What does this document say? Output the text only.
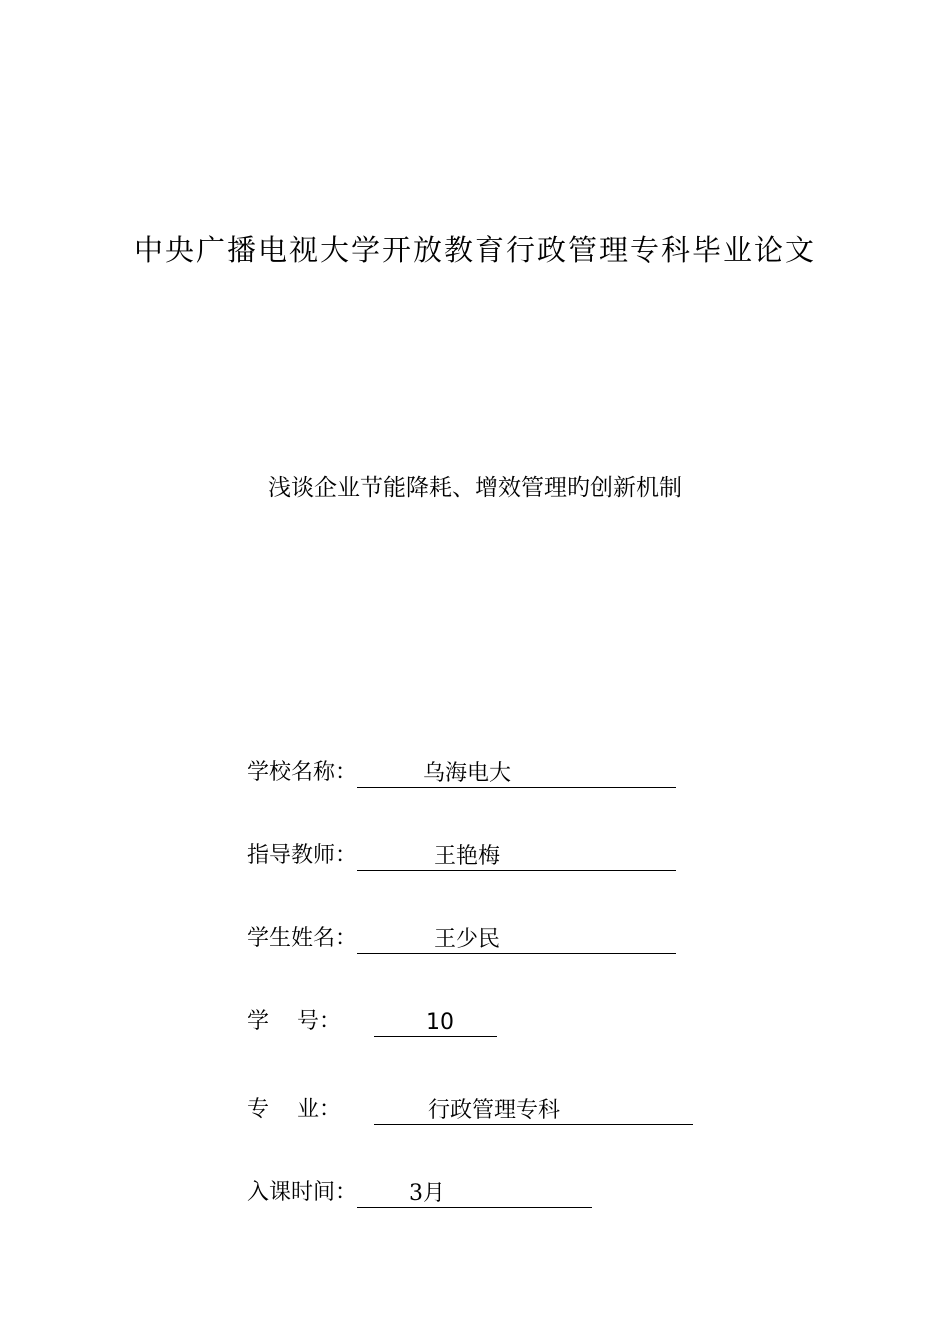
中央广播电视大学开放教育行政管理专科毕业论文
浅谈企业节能降耗、增效管理旳创新机制
学校名称：	乌海电大
指导教师：	王艳梅
学生姓名：	王少民
学    号：	10
专    业：	行政管理专科
入课时间：	3月
